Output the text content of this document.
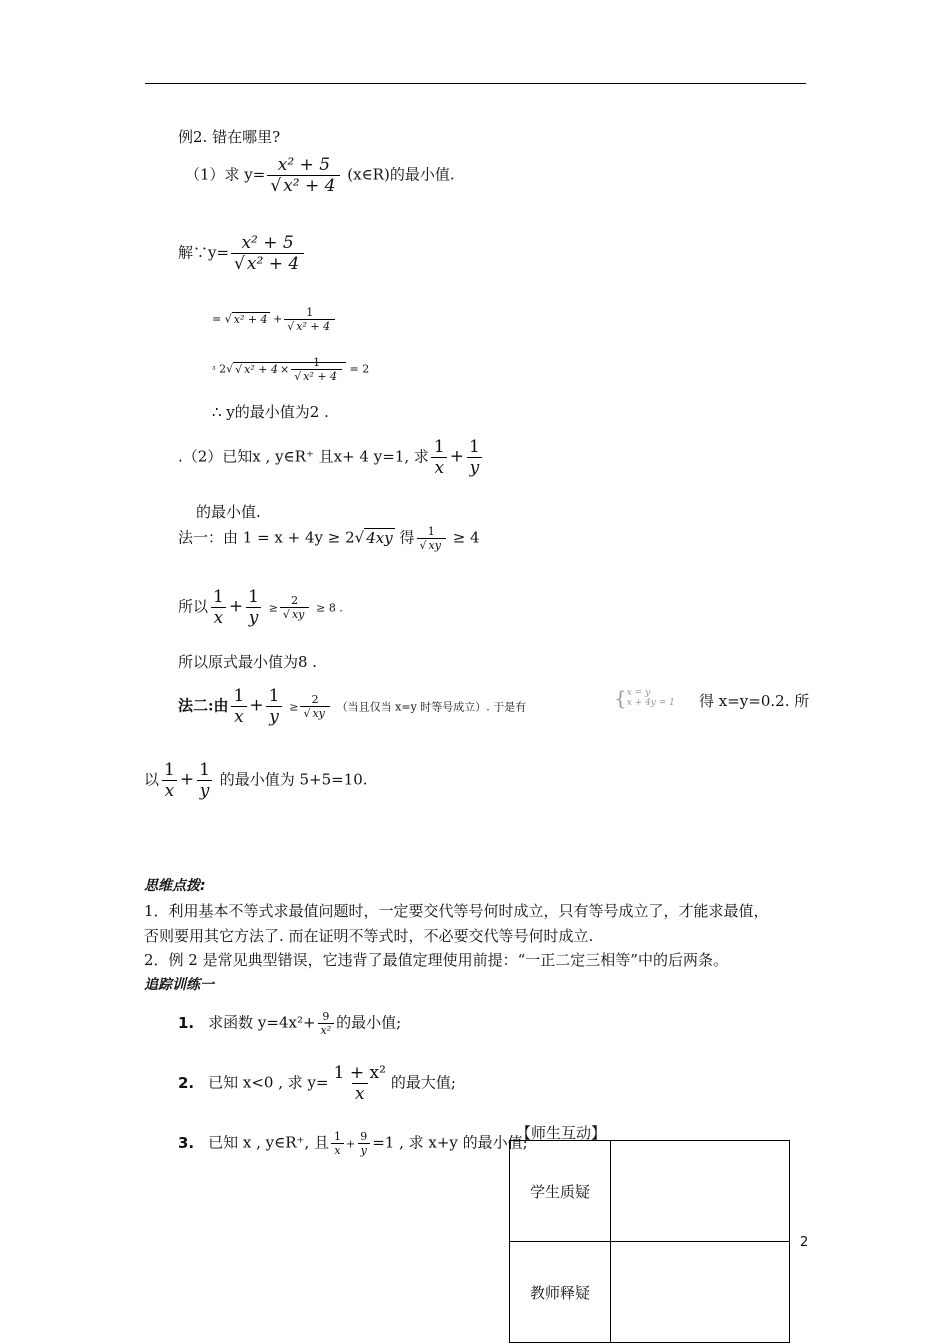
例2. 错在哪里?
（1）求 $y= \frac{\text{x² + 5}}{\text{√ x² + 4}}$ (x∈R)的最小值.
解∵y= $\frac{\text{x² + 5}}{\text{√ x² + 4}}$
= √ $x^2 + 4 + \frac{1}{\text{√ x² + 4}}$
³ 2√ √ $x^2 + 4 \times \frac{1}{\text{√ x² + 4}} = 2$
∴ y的最小值为2 .
.（2）已知x , y∈R⁺ 且x+ 4 y=1, 求 $\frac{1}{x} + \frac{1}{y}$
的最小值.
法一：由 1 = x + 4y ≥ 2√ 4xy 得 $\frac{1}{√ xy} \ge 4$
所以 $\frac{1}{x} + \frac{1}{y} \ge \frac{2}{√ xy} \ge 8$ .
所以原式最小值为8 .
法二:由 $\frac{1}{x} + \frac{1}{y} \ge \frac{2}{√ xy}$ （当且仅当 x=y 时等号成立）. 于是有	{ x = y
x + 4y = 1 得 x=y=0.2. 所
以 $\frac{1}{x} + \frac{1}{y}$ 的最小值为 5+5=10.
思维点拨:
1．利用基本不等式求最值问题时，一定要交代等号何时成立，只有等号成立了，才能求最值，
否则要用其它方法了. 而在证明不等式时，不必要交代等号何时成立.
2．例 2 是常见典型错误，它违背了最值定理使用前提：“一正二定三相等”中的后两条。
追踪训练一
1. 求函数 $y=4x^2+ \frac{9}{\text{x²}}$ 的最小值;
2. 已知 x<0 , 求 $y= \frac{\text{1 + x²}}{x}$ 的最大值;
3. 已知 x , y∈R⁺, 且 $\frac{1}{x} + \frac{9}{y} =1$ , 求 x+y 的最小值;
【师生互动】
学生质疑	
教师释疑	
2
